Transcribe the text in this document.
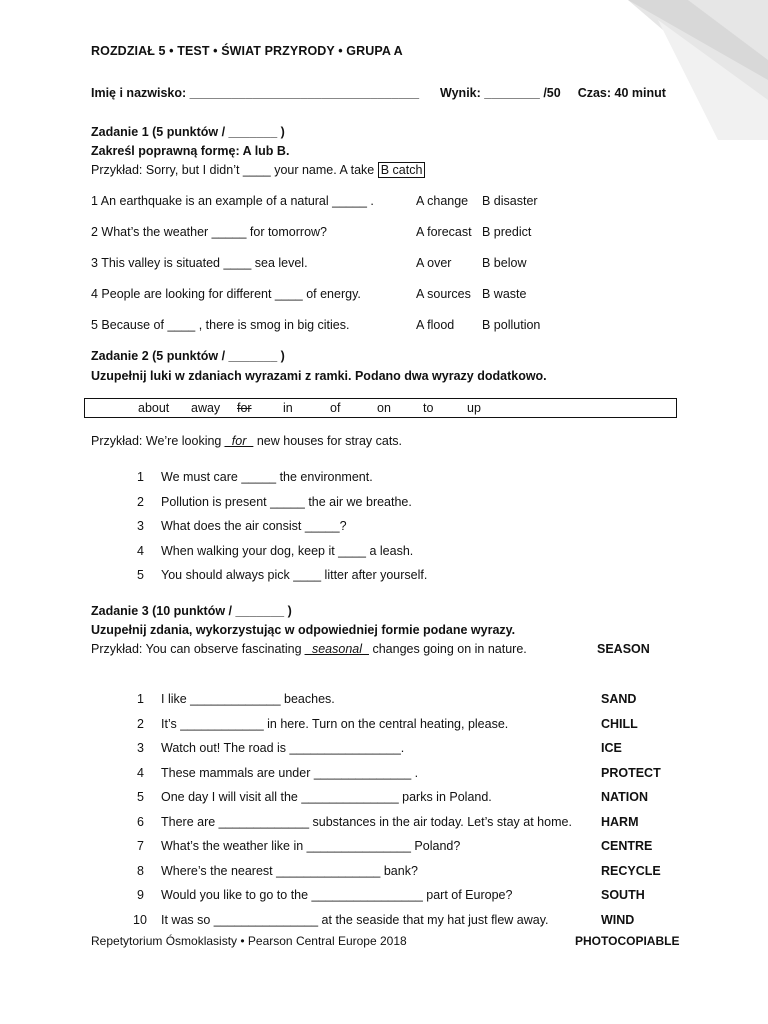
ROZDZIAŁ 5 • TEST • ŚWIAT PRZYRODY • GRUPA A
Imię i nazwisko: _________________________________ Wynik: ________ /50 Czas: 40 minut
Zadanie 1 (5 punktów / _______ )
Zakreśl poprawną formę: A lub B.
Przykład: Sorry, but I didn’t ____ your name. A take B catch
1 An earthquake is an example of a natural _____ .	A change B disaster
2 What’s the weather _____ for tomorrow?	A forecast B predict
3 This valley is situated ____ sea level.	A over B below
4 People are looking for different ____ of energy.	A sources B waste
5 Because of ____ , there is smog in big cities.	A flood B pollution
Zadanie 2 (5 punktów / _______ )
Uzupełnij luki w zdaniach wyrazami z ramki. Podano dwa wyrazy dodatkowo.
about away for	in	of	on	to	up
Przykład: We’re looking _for_ new houses for stray cats.
1 We must care _____ the environment.
2 Pollution is present _____ the air we breathe.
3 What does the air consist _____?
4 When walking your dog, keep it ____ a leash.
5 You should always pick ____ litter after yourself.
Zadanie 3 (10 punktów / _______ )
Uzupełnij zdania, wykorzystując w odpowiedniej formie podane wyrazy.
Przykład: You can observe fascinating _seasonal_ changes going on in nature.	SEASON
1 I like _____________ beaches.	SAND
2 It’s ____________ in here. Turn on the central heating, please.	CHILL
3 Watch out! The road is ________________.	ICE
4 These mammals are under ______________ .	PROTECT
5 One day I will visit all the ______________ parks in Poland.	NATION
6 There are _____________ substances in the air today. Let’s stay at home. HARM
7 What’s the weather like in _______________ Poland?	CENTRE
8 Where’s the nearest _______________ bank?	RECYCLE
9 Would you like to go to the ________________ part of Europe?	SOUTH
10 It was so _______________ at the seaside that my hat just flew away.	WIND
Repetytorium Ósmoklasisty • Pearson Central Europe 2018	PHOTOCOPIABLE
